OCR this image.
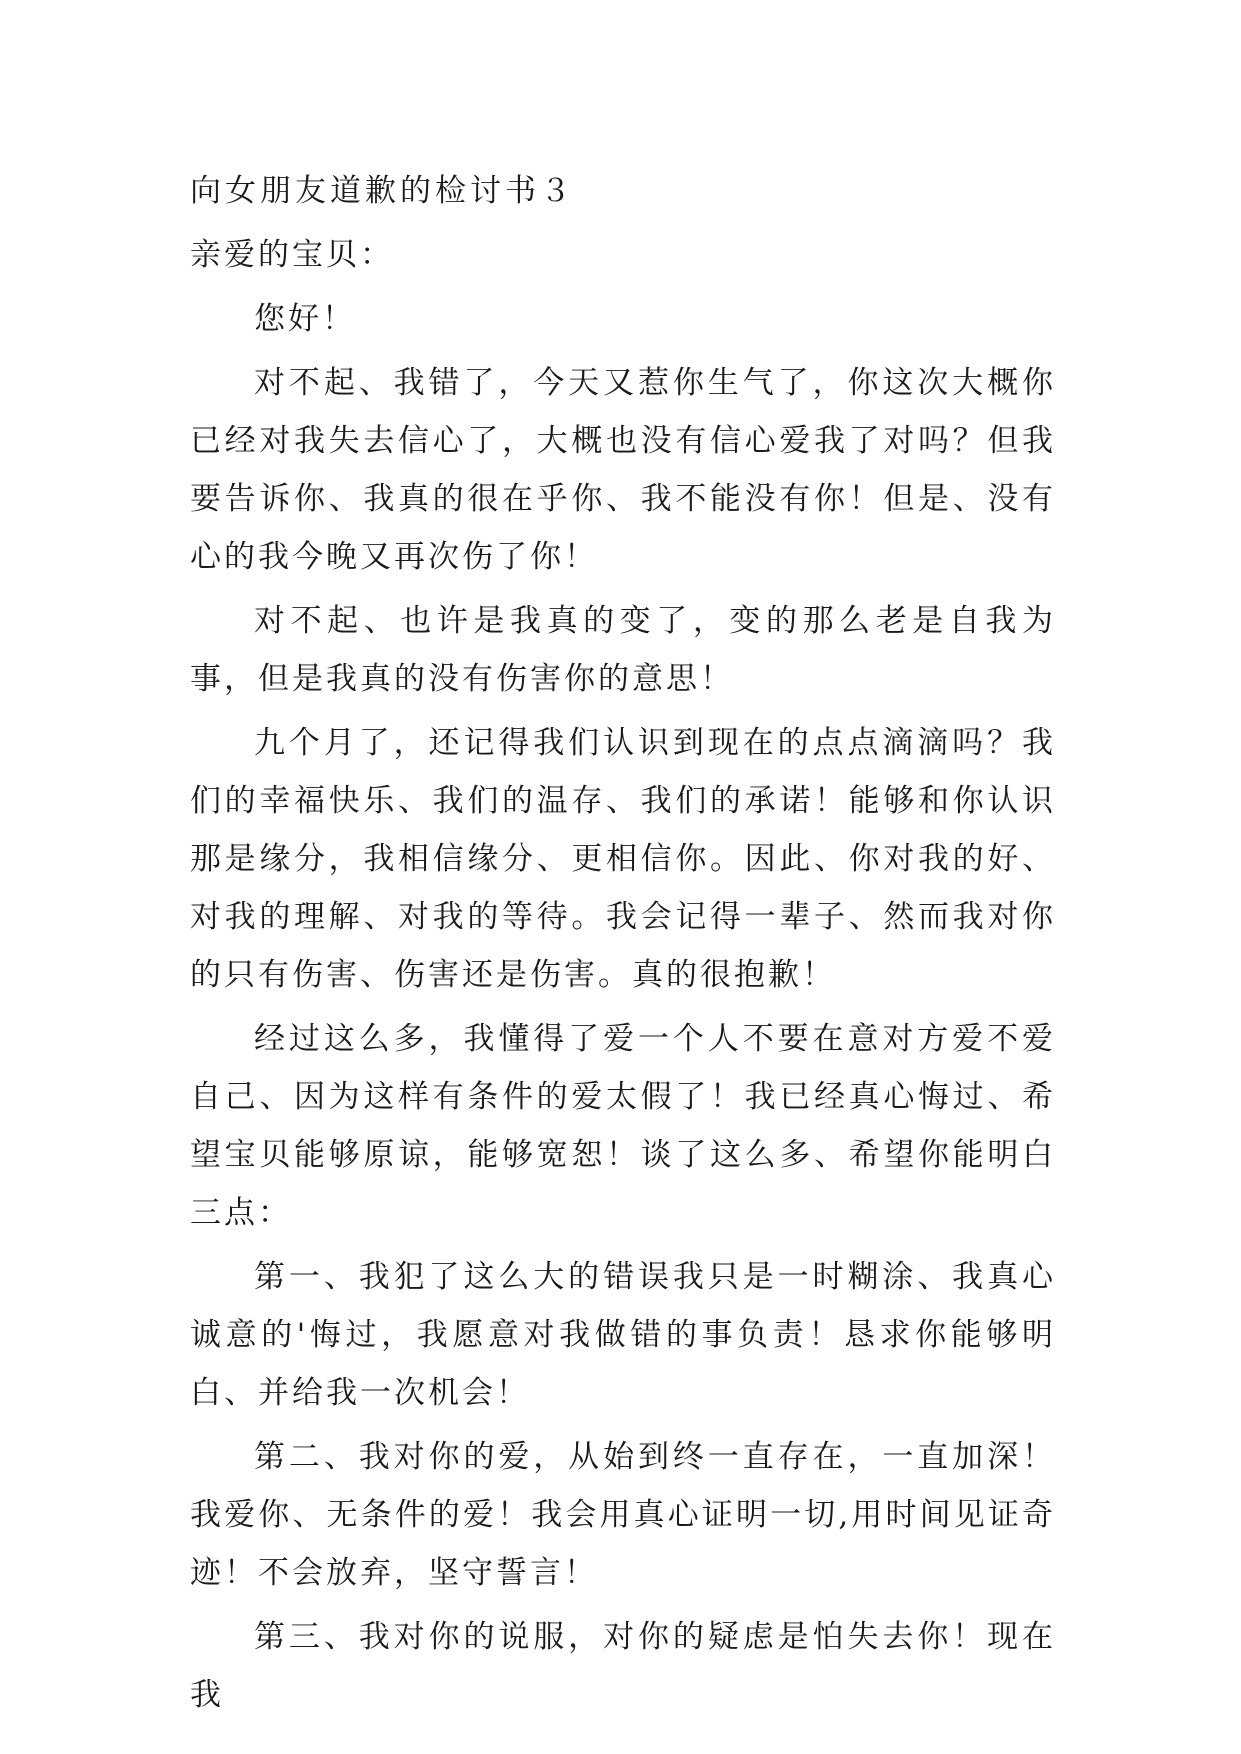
向女朋友道歉的检讨书３

亲爱的宝贝：

您好！

对不起、我错了，今天又惹你生气了，你这次大概你已经对我失去信心了，大概也没有信心爱我了对吗？但我要告诉你、我真的很在乎你、我不能没有你！但是、没有心的我今晚又再次伤了你！

对不起、也许是我真的变了，变的那么老是自我为事，但是我真的没有伤害你的意思！

九个月了，还记得我们认识到现在的点点滴滴吗？我们的幸福快乐、我们的温存、我们的承诺！能够和你认识那是缘分，我相信缘分、更相信你。因此、你对我的好、对我的理解、对我的等待。我会记得一辈子、然而我对你的只有伤害、伤害还是伤害。真的很抱歉！

经过这么多，我懂得了爱一个人不要在意对方爱不爱自己、因为这样有条件的爱太假了！我已经真心悔过、希望宝贝能够原谅，能够宽恕！谈了这么多、希望你能明白三点：

第一、我犯了这么大的错误我只是一时糊涂、我真心诚意的'悔过，我愿意对我做错的事负责！恳求你能够明白、并给我一次机会！

第二、我对你的爱，从始到终一直存在，一直加深！我爱你、无条件的爱！我会用真心证明一切,用时间见证奇迹！不会放弃，坚守誓言！

第三、我对你的说服，对你的疑虑是怕失去你！现在我
